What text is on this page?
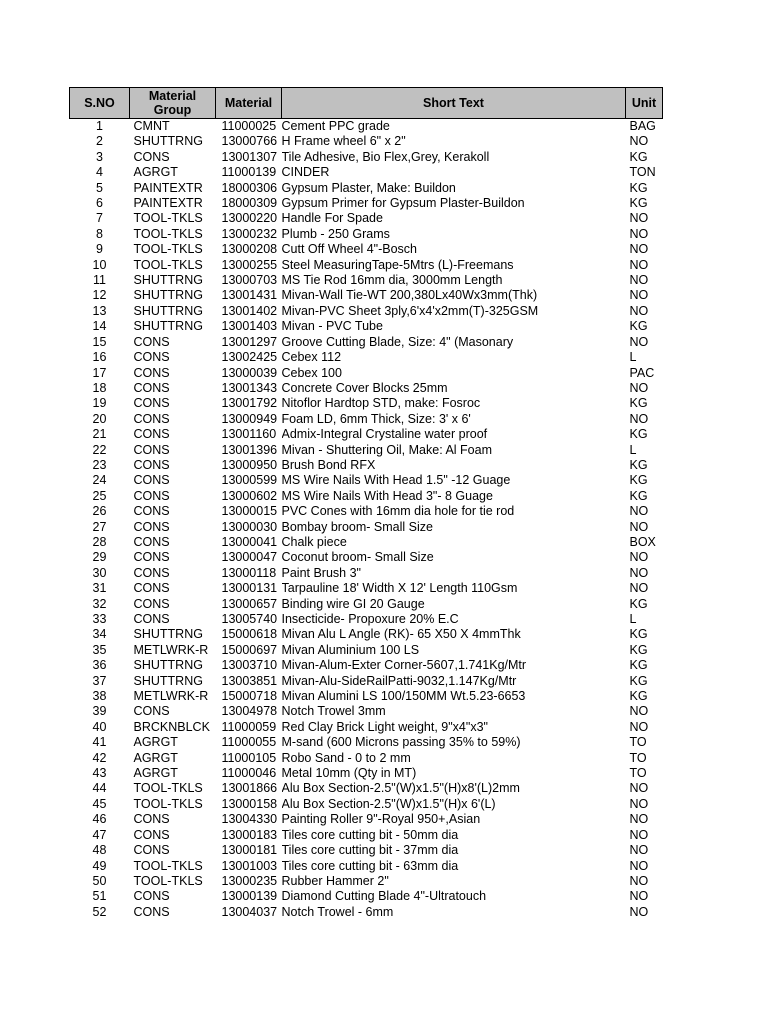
S.NO	Material Group	Material	Short Text	Unit
1	CMNT	11000025	Cement PPC grade	BAG
2	SHUTTRNG	13000766	H Frame wheel 6" x 2"	NO
3	CONS	13001307	Tile Adhesive, Bio Flex,Grey, Kerakoll	KG
4	AGRGT	11000139	CINDER	TON
5	PAINTEXTR	18000306	Gypsum Plaster, Make: Buildon	KG
6	PAINTEXTR	18000309	Gypsum Primer for Gypsum Plaster-Buildon	KG
7	TOOL-TKLS	13000220	Handle For Spade	NO
8	TOOL-TKLS	13000232	Plumb - 250 Grams	NO
9	TOOL-TKLS	13000208	Cutt Off Wheel 4"-Bosch	NO
10	TOOL-TKLS	13000255	Steel MeasuringTape-5Mtrs (L)-Freemans	NO
11	SHUTTRNG	13000703	MS Tie Rod 16mm dia, 3000mm Length	NO
12	SHUTTRNG	13001431	Mivan-Wall Tie-WT 200,380Lx40Wx3mm(Thk)	NO
13	SHUTTRNG	13001402	Mivan-PVC Sheet 3ply,6'x4'x2mm(T)-325GSM	NO
14	SHUTTRNG	13001403	Mivan - PVC Tube	KG
15	CONS	13001297	Groove Cutting Blade, Size: 4" (Masonary	NO
16	CONS	13002425	Cebex 112	L
17	CONS	13000039	Cebex 100	PAC
18	CONS	13001343	Concrete Cover Blocks 25mm	NO
19	CONS	13001792	Nitoflor Hardtop STD, make: Fosroc	KG
20	CONS	13000949	Foam LD, 6mm Thick, Size: 3' x 6'	NO
21	CONS	13001160	Admix-Integral Crystaline water proof	KG
22	CONS	13001396	Mivan - Shuttering Oil, Make: Al Foam	L
23	CONS	13000950	Brush Bond RFX	KG
24	CONS	13000599	MS Wire Nails With Head 1.5" -12 Guage	KG
25	CONS	13000602	MS Wire Nails With Head 3"- 8 Guage	KG
26	CONS	13000015	PVC Cones with 16mm dia hole for tie rod	NO
27	CONS	13000030	Bombay broom- Small Size	NO
28	CONS	13000041	Chalk piece	BOX
29	CONS	13000047	Coconut broom- Small Size	NO
30	CONS	13000118	Paint Brush 3"	NO
31	CONS	13000131	Tarpauline 18' Width X 12' Length 110Gsm	NO
32	CONS	13000657	Binding wire GI 20 Gauge	KG
33	CONS	13005740	Insecticide- Propoxure 20% E.C	L
34	SHUTTRNG	15000618	Mivan Alu L Angle (RK)- 65 X50 X 4mmThk	KG
35	METLWRK-R	15000697	Mivan Aluminium 100 LS	KG
36	SHUTTRNG	13003710	Mivan-Alum-Exter Corner-5607,1.741Kg/Mtr	KG
37	SHUTTRNG	13003851	Mivan-Alu-SideRailPatti-9032,1.147Kg/Mtr	KG
38	METLWRK-R	15000718	Mivan Alumini LS 100/150MM Wt.5.23-6653	KG
39	CONS	13004978	Notch Trowel 3mm	NO
40	BRCKNBLCK	11000059	Red Clay Brick Light weight, 9"x4"x3"	NO
41	AGRGT	11000055	M-sand (600 Microns passing 35% to 59%)	TO
42	AGRGT	11000105	Robo Sand - 0 to 2 mm	TO
43	AGRGT	11000046	Metal 10mm (Qty in MT)	TO
44	TOOL-TKLS	13001866	Alu Box Section-2.5"(W)x1.5"(H)x8'(L)2mm	NO
45	TOOL-TKLS	13000158	Alu Box Section-2.5"(W)x1.5"(H)x 6'(L)	NO
46	CONS	13004330	Painting Roller 9"-Royal 950+,Asian	NO
47	CONS	13000183	Tiles core cutting bit - 50mm dia	NO
48	CONS	13000181	Tiles core cutting bit - 37mm dia	NO
49	TOOL-TKLS	13001003	Tiles core cutting bit - 63mm dia	NO
50	TOOL-TKLS	13000235	Rubber Hammer 2"	NO
51	CONS	13000139	Diamond Cutting Blade 4"-Ultratouch	NO
52	CONS	13004037	Notch Trowel - 6mm	NO
